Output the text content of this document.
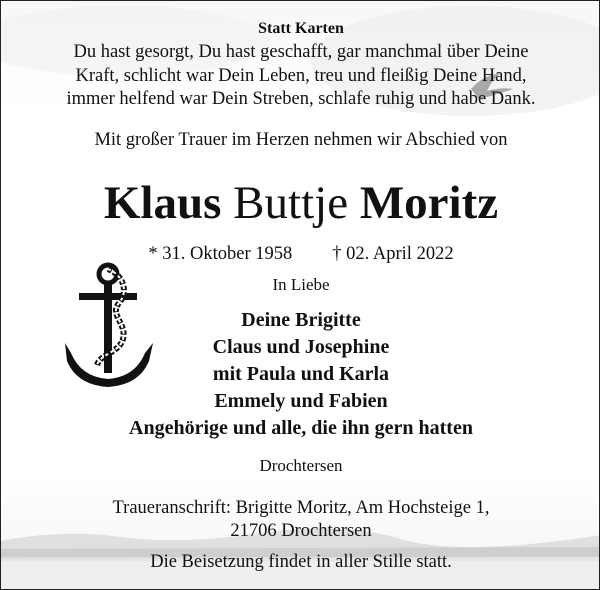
Statt Karten
Du hast gesorgt, Du hast geschafft, gar manchmal über Deine
Kraft, schlicht war Dein Leben, treu und fleißig Deine Hand,
immer helfend war Dein Streben, schlafe ruhig und habe Dank.
Mit großer Trauer im Herzen nehmen wir Abschied von
Klaus Buttje Moritz
* 31. Oktober 1958 † 02. April 2022
In Liebe
Deine Brigitte
Claus und Josephine
mit Paula und Karla
Emmely und Fabien
Angehörige und alle, die ihn gern hatten
Drochtersen
Traueranschrift: Brigitte Moritz, Am Hochsteige 1,
21706 Drochtersen
Die Beisetzung findet in aller Stille statt.
